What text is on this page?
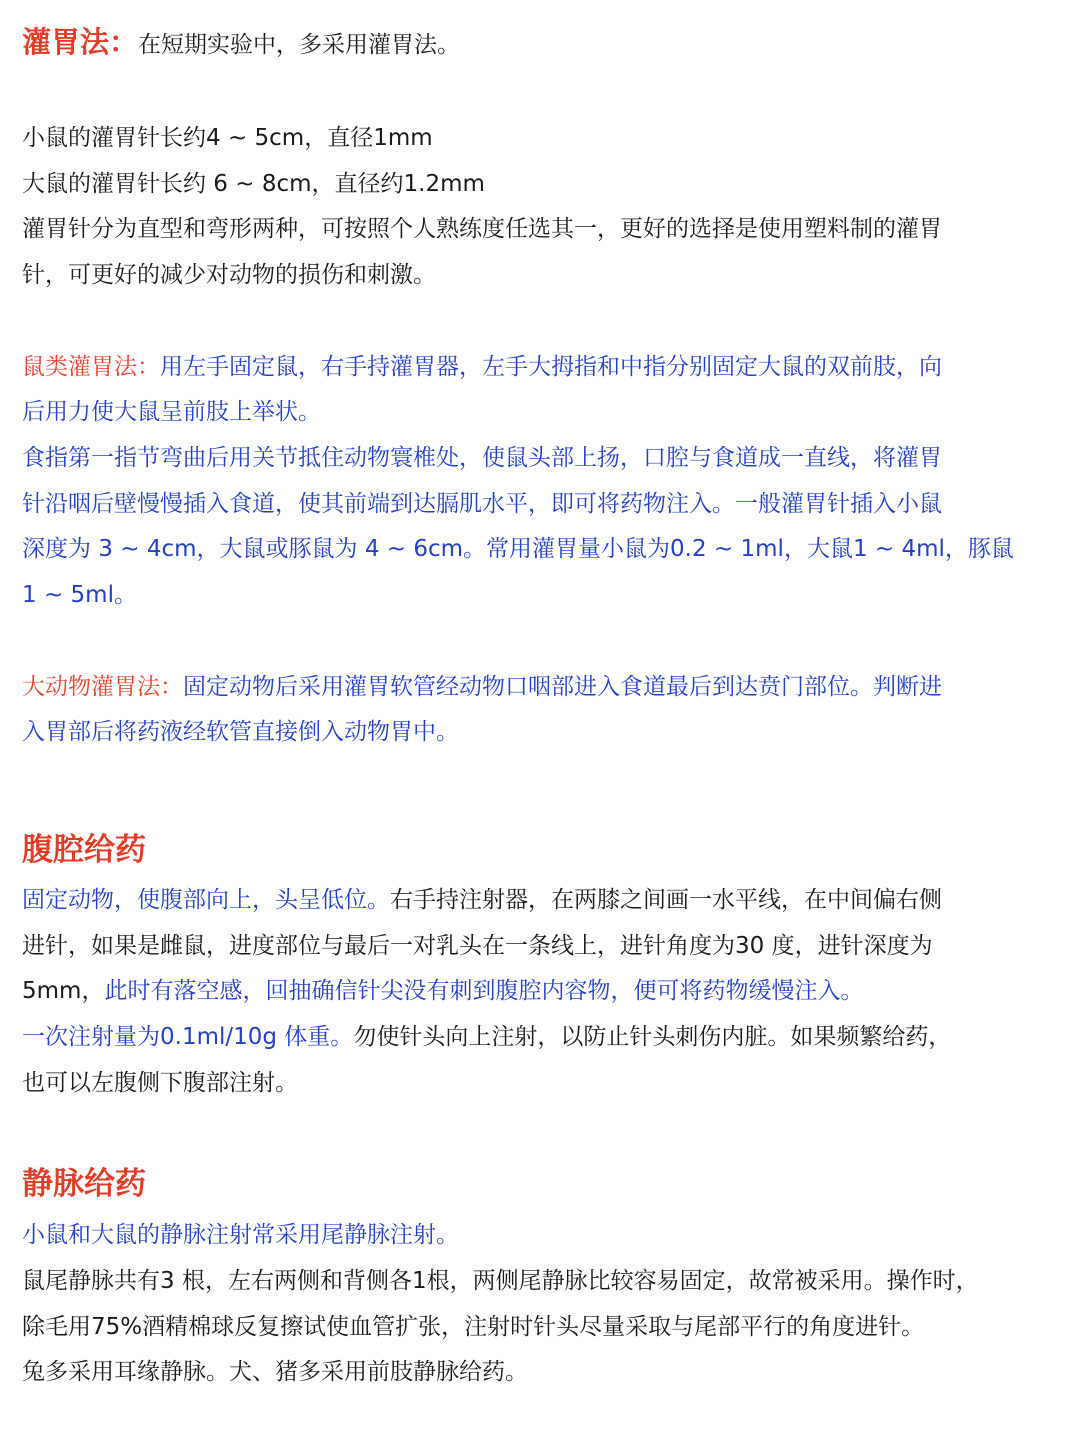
灌胃法：在短期实验中，多采用灌胃法。
小鼠的灌胃针长约4 ~ 5cm，直径1mm
大鼠的灌胃针长约 6 ~ 8cm，直径约1.2mm
灌胃针分为直型和弯形两种，可按照个人熟练度任选其一，更好的选择是使用塑料制的灌胃
针，可更好的减少对动物的损伤和刺激。
鼠类灌胃法：用左手固定鼠，右手持灌胃器，左手大拇指和中指分别固定大鼠的双前肢，向
后用力使大鼠呈前肢上举状。
食指第一指节弯曲后用关节抵住动物寰椎处，使鼠头部上扬，口腔与食道成一直线，将灌胃
针沿咽后壁慢慢插入食道，使其前端到达膈肌水平，即可将药物注入。一般灌胃针插入小鼠
深度为 3 ~ 4cm，大鼠或豚鼠为 4 ~ 6cm。常用灌胃量小鼠为0.2 ~ 1ml，大鼠1 ~ 4ml，豚鼠
1 ~ 5ml。
大动物灌胃法：固定动物后采用灌胃软管经动物口咽部进入食道最后到达贲门部位。判断进
入胃部后将药液经软管直接倒入动物胃中。
腹腔给药
固定动物，使腹部向上，头呈低位。右手持注射器，在两膝之间画一水平线，在中间偏右侧
进针，如果是雌鼠，进度部位与最后一对乳头在一条线上，进针角度为30 度，进针深度为
5mm，此时有落空感，回抽确信针尖没有刺到腹腔内容物，便可将药物缓慢注入。
一次注射量为0.1ml/10g 体重。勿使针头向上注射，以防止针头刺伤内脏。如果频繁给药，
也可以左腹侧下腹部注射。
静脉给药
小鼠和大鼠的静脉注射常采用尾静脉注射。
鼠尾静脉共有3 根，左右两侧和背侧各1根，两侧尾静脉比较容易固定，故常被采用。操作时，
除毛用75%酒精棉球反复擦试使血管扩张，注射时针头尽量采取与尾部平行的角度进针。
兔多采用耳缘静脉。犬、猪多采用前肢静脉给药。
